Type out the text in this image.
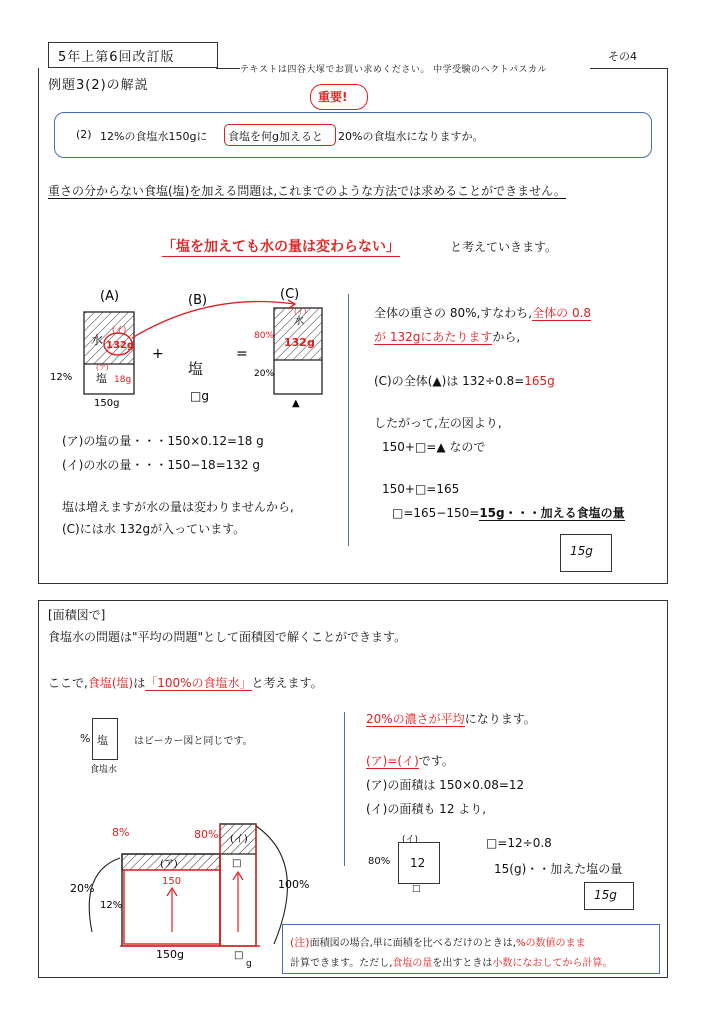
5年上第6回改訂版
テキストは四谷大塚でお買い求めください。 中学受験のヘクトパスカル
その4
例題3(2)の解説
重要!
(2) 12%の食塩水150gに 食塩を何g加えると 20%の食塩水になりますか。
重さの分からない食塩(塩)を加える問題は,これまでのような方法では求めることができません。
「塩を加えても水の量は変わらない」	と考えていきます。
(A)
水 132g
(イ)
塩
(ア)
18g
12%
150g
+
(B)
塩
□g
=
(C)
水
(イ)
132g
80%
20%
▲
(ア)の塩の量・・・150×0.12=18 g
(イ)の水の量・・・150−18=132 g
塩は増えますが水の量は変わりませんから,
(C)には水 132gが入っています。
全体の重さの 80%,すなわち,全体の 0.8
が 132gにあたりますから,
(C)の全体(▲)は 132÷0.8=165g
したがって,左の図より,
150+□=▲ なので
150+□=165
□=165−150=15g・・・加える食塩の量
15g
[面積図で]
食塩水の問題は"平均の問題"として面積図で解くことができます。
ここで,食塩(塩)は「100%の食塩水」と考えます。
% 塩
食塩水
はビーカー図と同じです。
8%	80% (イ)
(ア)	□
150
20%
12%
100%
150g	□
g
20%の濃さが平均になります。
(ア)=(イ)です。
(ア)の面積は 150×0.08=12
(イ)の面積も 12 より,
(イ)
80% 12
□
□=12÷0.8
15(g)・・加えた塩の量
15g
(注)面積図の場合,単に面積を比べるだけのときは,%の数値のまま
計算できます。ただし,食塩の量を出すときは小数になおしてから計算。
